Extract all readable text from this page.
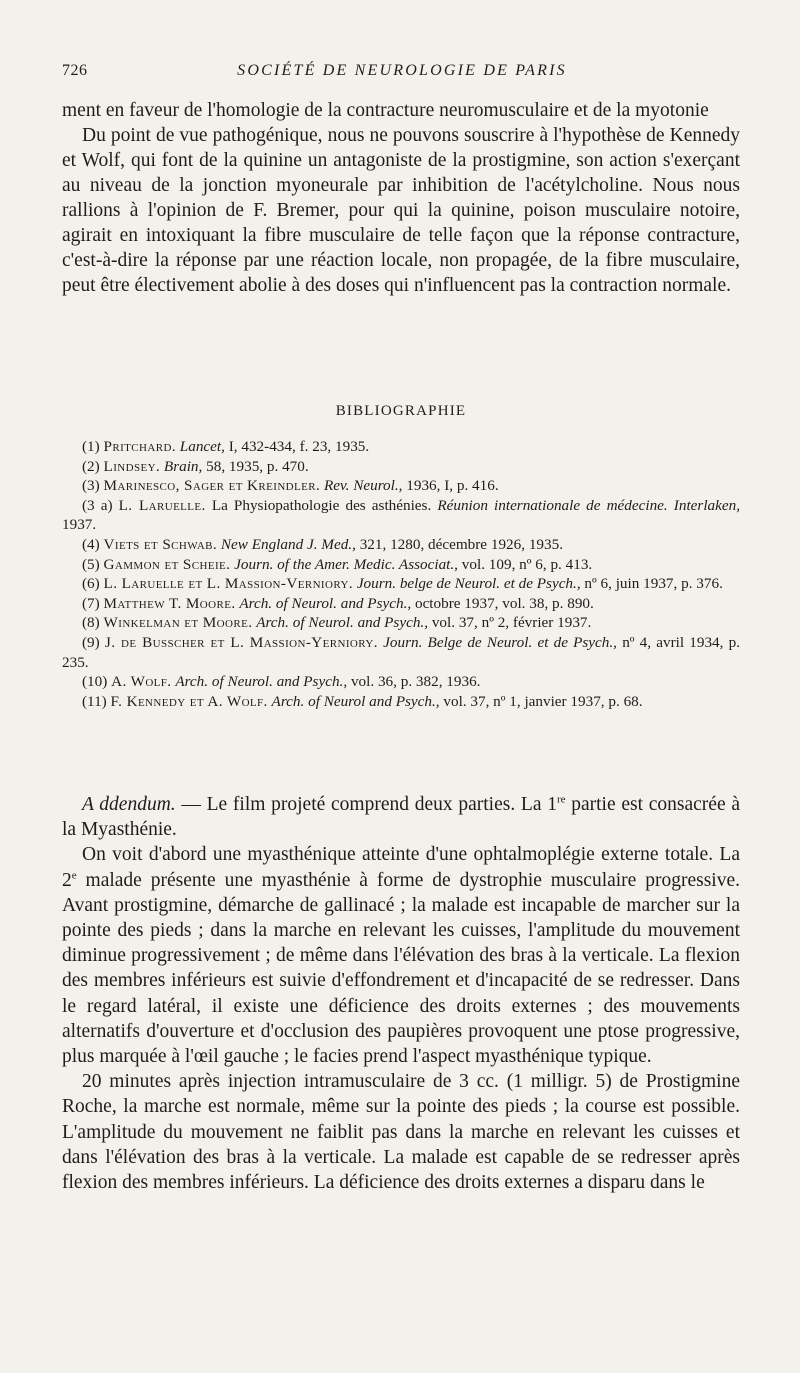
726	SOCIÉTÉ DE NEUROLOGIE DE PARIS

ment en faveur de l'homologie de la contracture neuromusculaire et de la myotonie

Du point de vue pathogénique, nous ne pouvons souscrire à l'hypothèse de Kennedy et Wolf, qui font de la quinine un antagoniste de la prostigmine, son action s'exerçant au niveau de la jonction myoneurale par inhibition de l'acétylcholine. Nous nous rallions à l'opinion de F. Bremer, pour qui la quinine, poison musculaire notoire, agirait en intoxiquant la fibre musculaire de telle façon que la réponse contracture, c'est-à-dire la réponse par une réaction locale, non propagée, de la fibre musculaire, peut être électivement abolie à des doses qui n'influencent pas la contraction normale.

BIBLIOGRAPHIE
(1) Pritchard. Lancet, I, 432-434, f. 23, 1935.
(2) Lindsey. Brain, 58, 1935, p. 470.
(3) Marinesco, Sager et Kreindler. Rev. Neurol., 1936, I, p. 416.
(3 a) L. Laruelle. La Physiopathologie des asthénies. Réunion internationale de médecine. Interlaken, 1937.
(4) Viets et Schwab. New England J. Med., 321, 1280, décembre 1926, 1935.
(5) Gammon et Scheie. Journ. of the Amer. Medic. Associat., vol. 109, nº 6, p. 413.
(6) L. Laruelle et L. Massion-Verniory. Journ. belge de Neurol. et de Psych., nº 6, juin 1937, p. 376.
(7) Matthew T. Moore. Arch. of Neurol. and Psych., octobre 1937, vol. 38, p. 890.
(8) Winkelman et Moore. Arch. of Neurol. and Psych., vol. 37, nº 2, février 1937.
(9) J. de Busscher et L. Massion-Yerniory. Journ. Belge de Neurol. et de Psych., nº 4, avril 1934, p. 235.
(10) A. Wolf. Arch. of Neurol. and Psych., vol. 36, p. 382, 1936.
(11) F. Kennedy et A. Wolf. Arch. of Neurol and Psych., vol. 37, nº 1, janvier 1937, p. 68.

A ddendum. — Le film projeté comprend deux parties. La 1re partie est consacrée à la Myasthénie.

On voit d'abord une myasthénique atteinte d'une ophtalmoplégie externe totale. La 2e malade présente une myasthénie à forme de dystrophie musculaire progressive. Avant prostigmine, démarche de gallinacé ; la malade est incapable de marcher sur la pointe des pieds ; dans la marche en relevant les cuisses, l'amplitude du mouvement diminue progressivement ; de même dans l'élévation des bras à la verticale. La flexion des membres inférieurs est suivie d'effondrement et d'incapacité de se redresser. Dans le regard latéral, il existe une déficience des droits externes ; des mouvements alternatifs d'ouverture et d'occlusion des paupières provoquent une ptose progressive, plus marquée à l'œil gauche ; le facies prend l'aspect myasthénique typique.

20 minutes après injection intramusculaire de 3 cc. (1 milligr. 5) de Prostigmine Roche, la marche est normale, même sur la pointe des pieds ; la course est possible. L'amplitude du mouvement ne faiblit pas dans la marche en relevant les cuisses et dans l'élévation des bras à la verticale. La malade est capable de se redresser après flexion des membres inférieurs. La déficience des droits externes a disparu dans le
